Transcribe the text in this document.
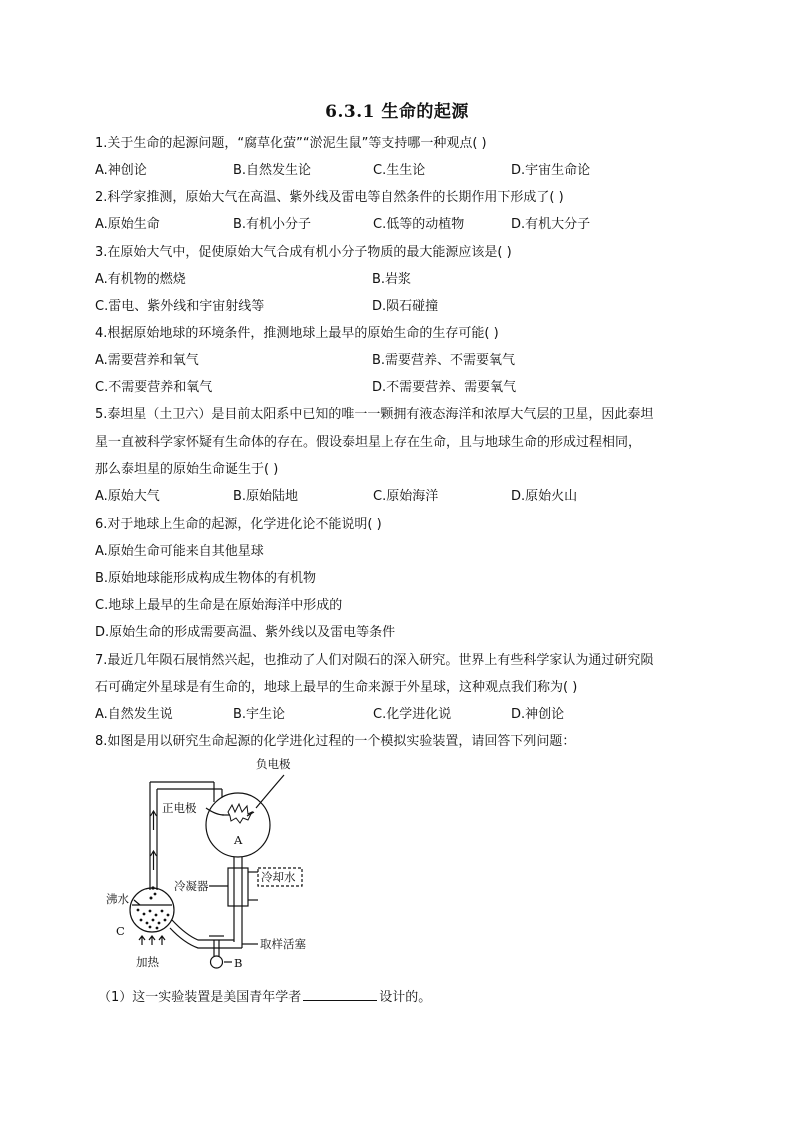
6.3.1 生命的起源
1.关于生命的起源问题，“腐草化萤”“淤泥生鼠”等支持哪一种观点( )
A.神创论	B.自然发生论	C.生生论	D.宇宙生命论
2.科学家推测，原始大气在高温、紫外线及雷电等自然条件的长期作用下形成了( )
A.原始生命	B.有机小分子	C.低等的动植物	D.有机大分子
3.在原始大气中，促使原始大气合成有机小分子物质的最大能源应该是( )
A.有机物的燃烧	B.岩浆
C.雷电、紫外线和宇宙射线等	D.陨石碰撞
4.根据原始地球的环境条件，推测地球上最早的原始生命的生存可能( )
A.需要营养和氧气	B.需要营养、不需要氧气
C.不需要营养和氧气	D.不需要营养、需要氧气
5.泰坦星（土卫六）是目前太阳系中已知的唯一一颗拥有液态海洋和浓厚大气层的卫星，因此泰坦
星一直被科学家怀疑有生命体的存在。假设泰坦星上存在生命，且与地球生命的形成过程相同，
那么泰坦星的原始生命诞生于( )
A.原始大气	B.原始陆地	C.原始海洋	D.原始火山
6.对于地球上生命的起源，化学进化论不能说明( )
A.原始生命可能来自其他星球
B.原始地球能形成构成生物体的有机物
C.地球上最早的生命是在原始海洋中形成的
D.原始生命的形成需要高温、紫外线以及雷电等条件
7.最近几年陨石展悄然兴起，也推动了人们对陨石的深入研究。世界上有些科学家认为通过研究陨
石可确定外星球是有生命的，地球上最早的生命来源于外星球，这种观点我们称为( )
A.自然发生说	B.宇生论	C.化学进化说	D.神创论
8.如图是用以研究生命起源的化学进化过程的一个模拟实验装置，请回答下列问题：
负电极
正电极
A
冷凝器
冷却水
沸水
C
取样活塞
B
加热
（1）这一实验装置是美国青年学者	设计的。
